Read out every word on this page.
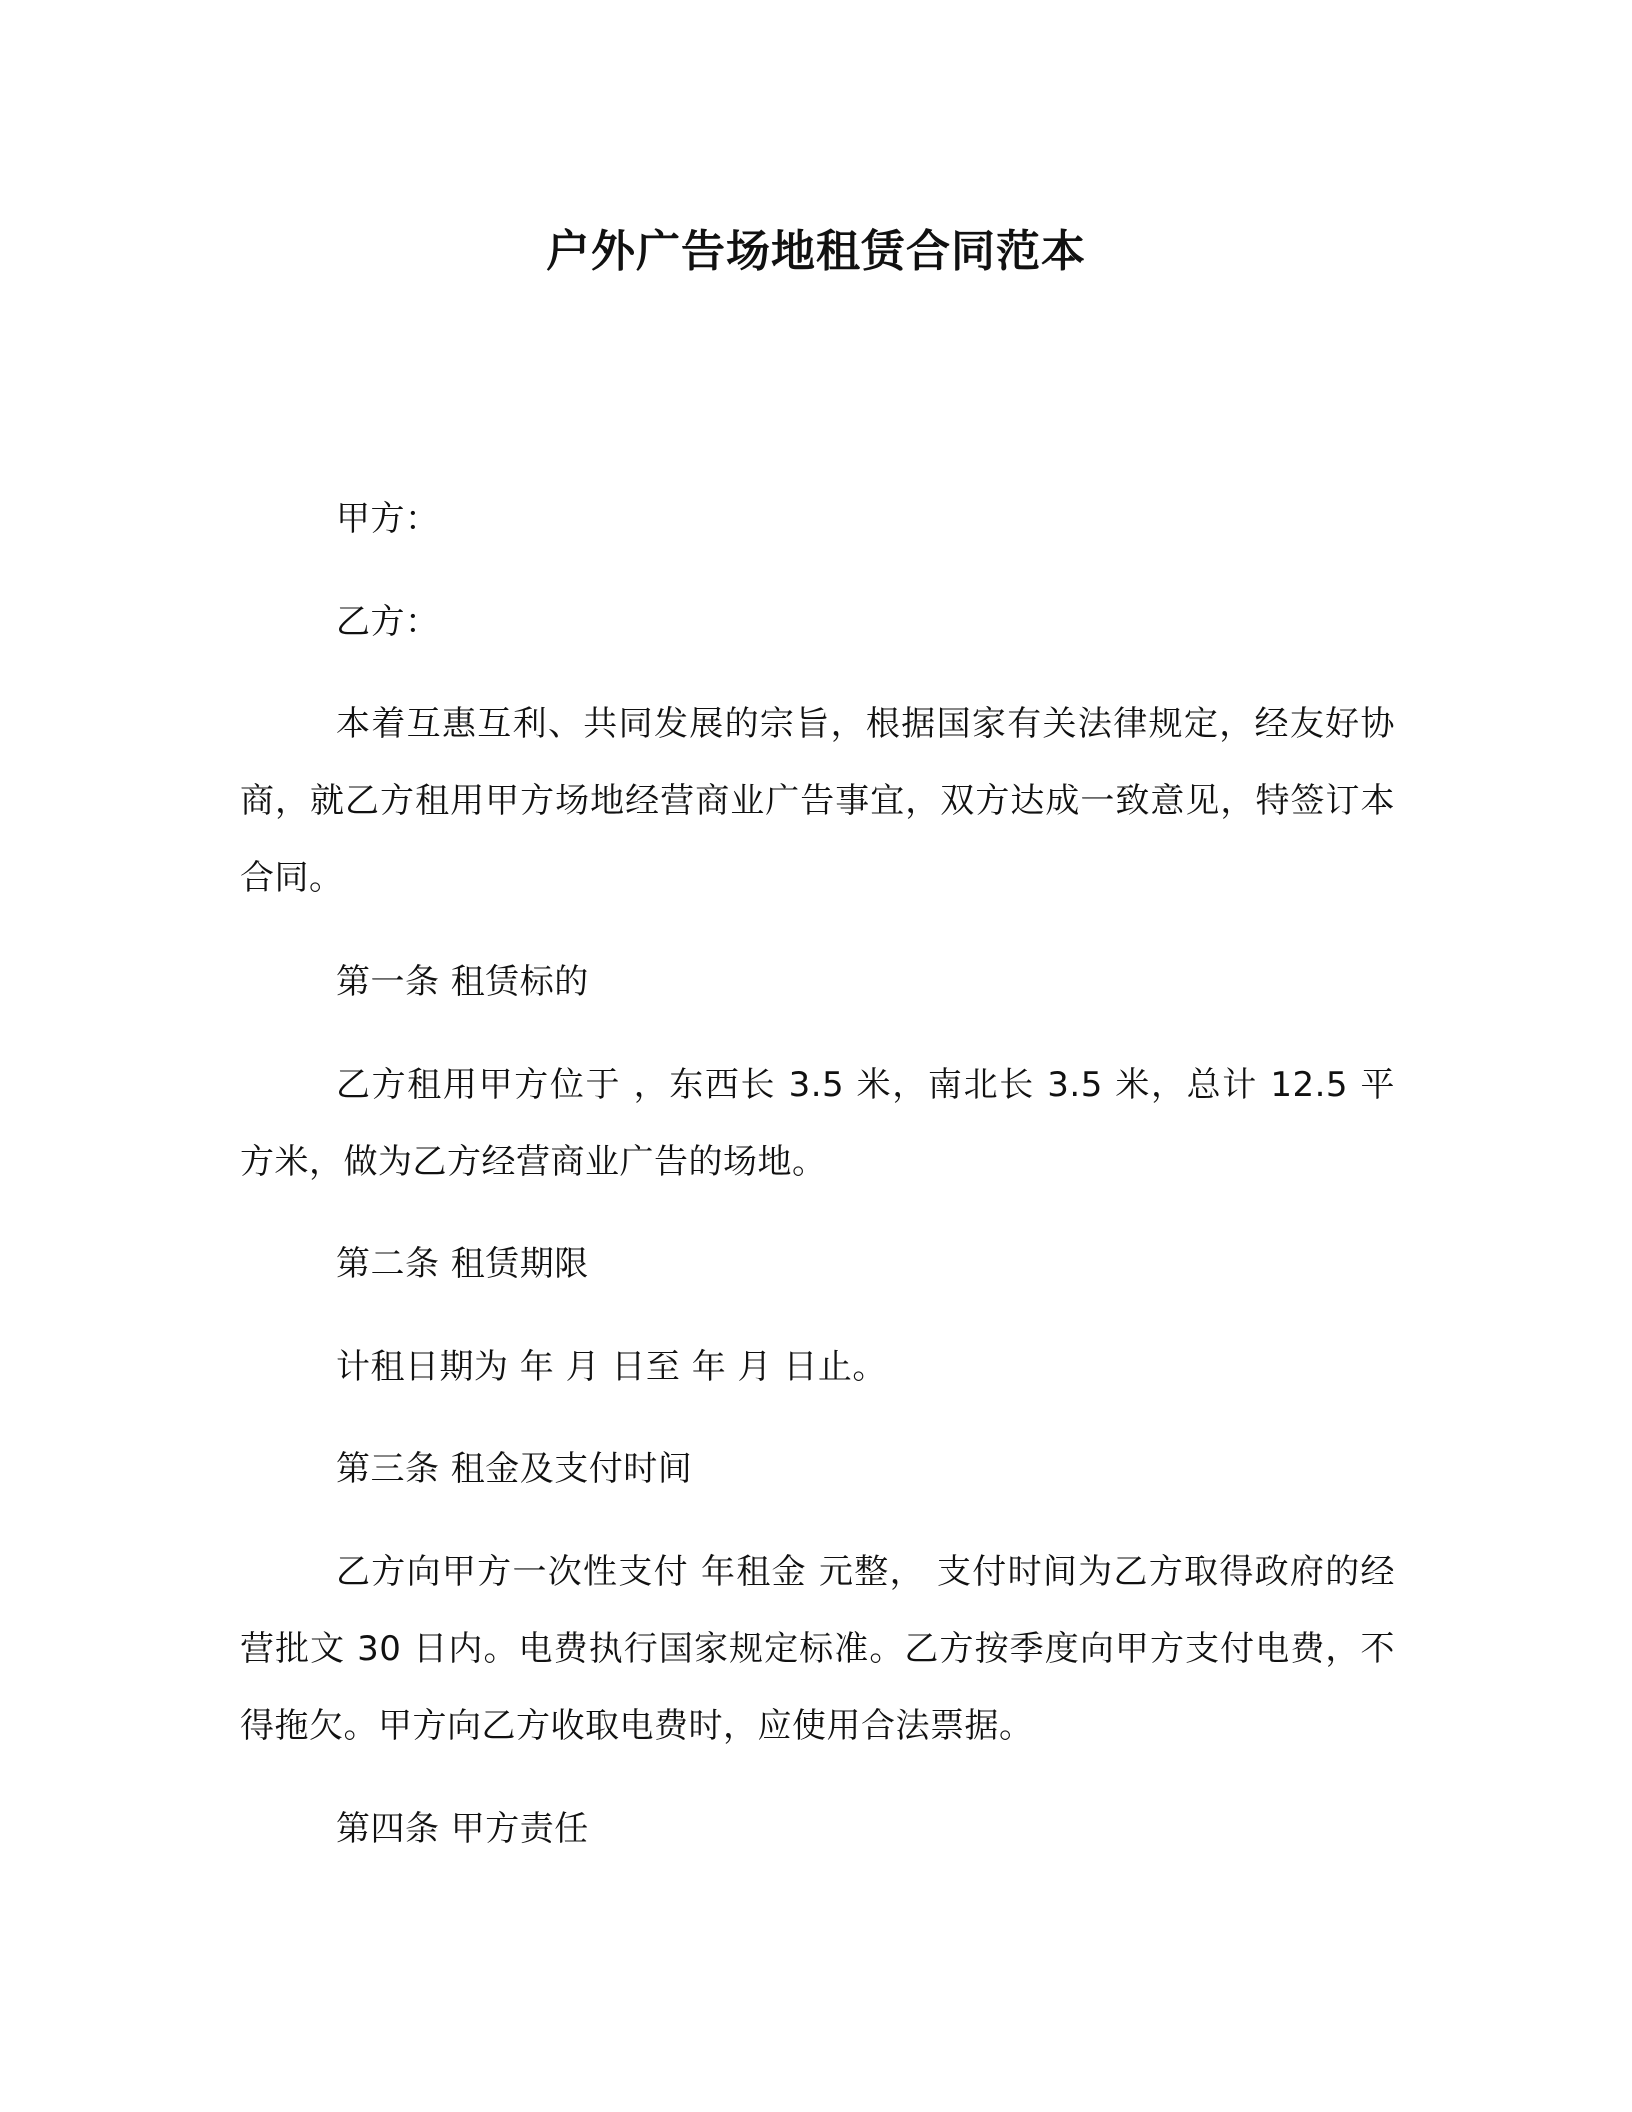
户外广告场地租赁合同范本

甲方：

乙方：

本着互惠互利、共同发展的宗旨，根据国家有关法律规定，经友好协商，就乙方租用甲方场地经营商业广告事宜，双方达成一致意见，特签订本合同。

第一条 租赁标的

乙方租用甲方位于 ，东西长 3.5 米，南北长 3.5 米，总计 12.5 平方米，做为乙方经营商业广告的场地。

第二条 租赁期限

计租日期为 年 月 日至 年 月 日止。

第三条 租金及支付时间

乙方向甲方一次性支付 年租金 元整， 支付时间为乙方取得政府的经营批文 30 日内。电费执行国家规定标准。乙方按季度向甲方支付电费，不得拖欠。甲方向乙方收取电费时，应使用合法票据。

第四条 甲方责任
